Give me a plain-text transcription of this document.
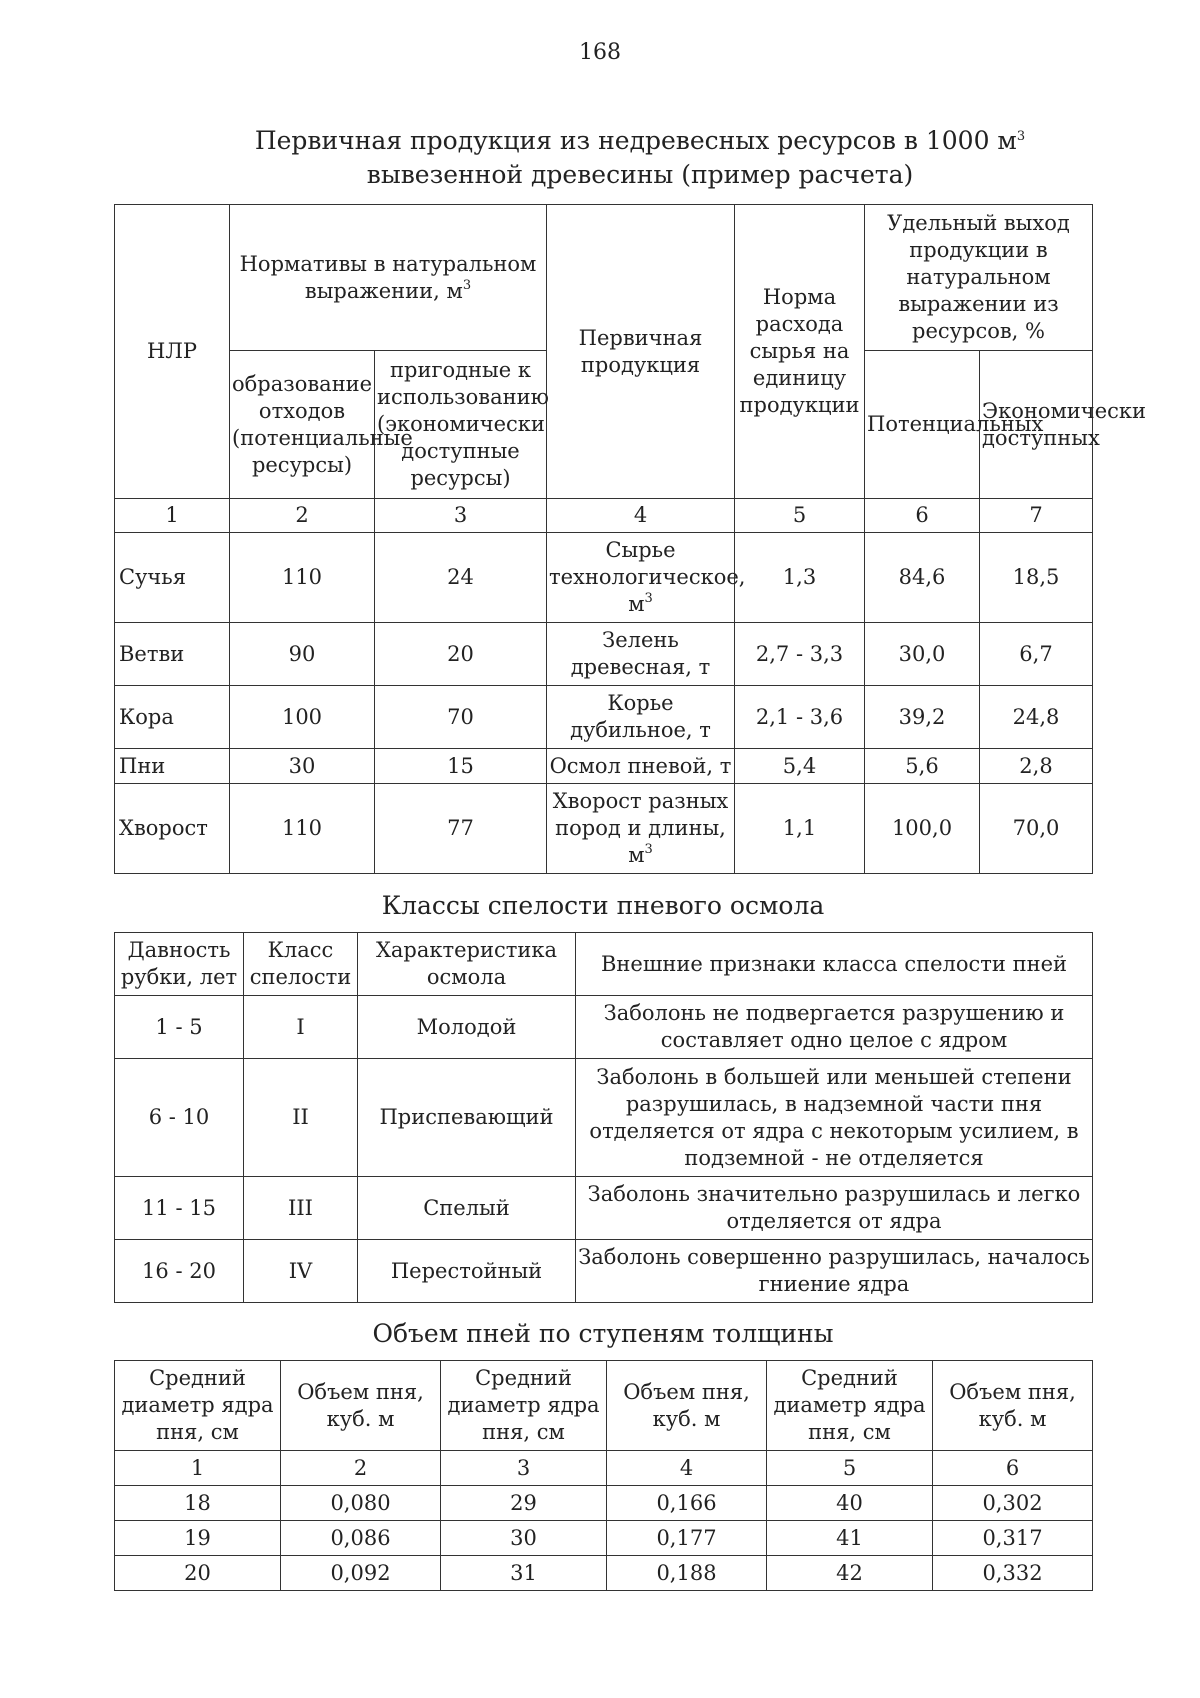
168
Первичная продукция из недревесных ресурсов в 1000 $м^3$ вывезенной древесины (пример расчета)
НЛР	Нормативы в натуральном выражении, $м^3$		Первичная продукция	Норма расхода сырья на единицу продукции	Удельный выход продукции в натуральном выражении из ресурсов, %	
	образование отходов (потенциальные ресурсы)	пригодные к использованию (экономически доступные ресурсы)			Потенциальных	Экономически доступных
1	2	3	4	5	6	7
Сучья	110	24	Сырье технологическое, $м^3$	1,3	84,6	18,5
Ветви	90	20	Зелень древесная, т	2,7 - 3,3	30,0	6,7
Кора	100	70	Корье дубильное, т	2,1 - 3,6	39,2	24,8
Пни	30	15	Осмол пневой, т	5,4	5,6	2,8
Хворост	110	77	Хворост разных пород и длины, $м^3$	1,1	100,0	70,0
Классы спелости пневого осмола
Давность рубки, лет	Класс спелости	Характеристика осмола	Внешние признаки класса спелости пней
1 - 5	I	Молодой	Заболонь не подвергается разрушению и составляет одно целое с ядром
6 - 10	II	Приспевающий	Заболонь в большей или меньшей степени разрушилась, в надземной части пня отделяется от ядра с некоторым усилием, в подземной - не отделяется
11 - 15	III	Спелый	Заболонь значительно разрушилась и легко отделяется от ядра
16 - 20	IV	Перестойный	Заболонь совершенно разрушилась, началось гниение ядра
Объем пней по ступеням толщины
Средний диаметр ядра пня, см	Объем пня, куб. м	Средний диаметр ядра пня, см	Объем пня, куб. м	Средний диаметр ядра пня, см	Объем пня, куб. м
1	2	3	4	5	6
18	0,080	29	0,166	40	0,302
19	0,086	30	0,177	41	0,317
20	0,092	31	0,188	42	0,332
